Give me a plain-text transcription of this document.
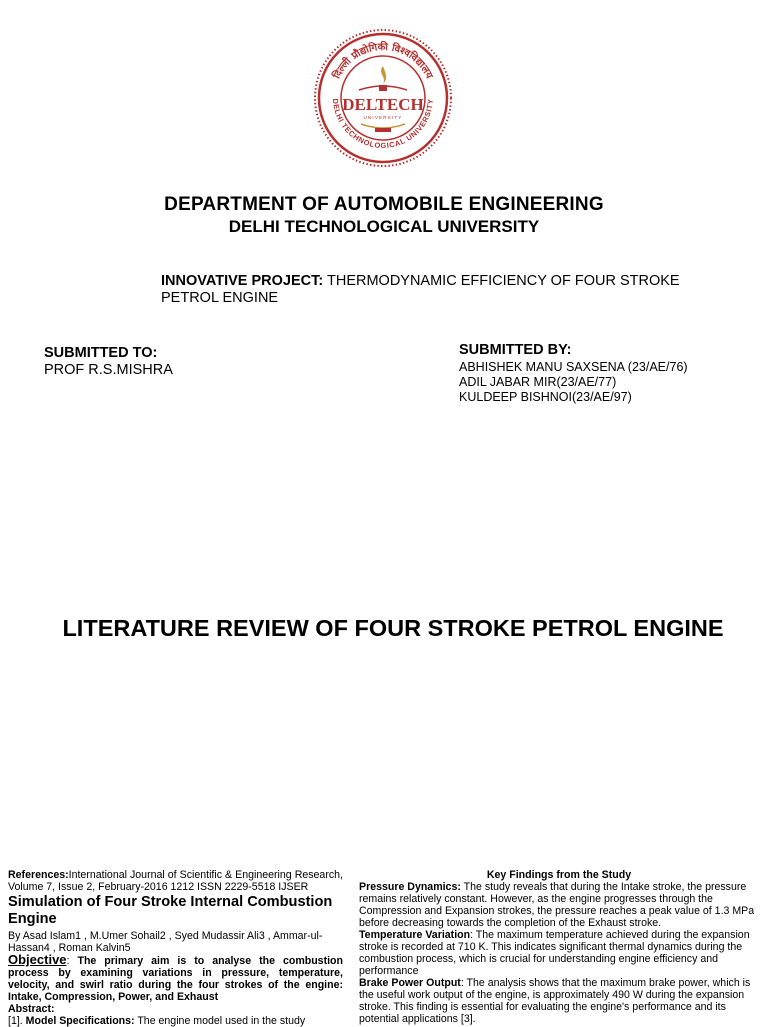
दिल्ली प्रौद्योगिकी विश्वविद्यालय
DELHI TECHNOLOGICAL UNIVERSITY
DELTECH
UNIVERSITY
DEPARTMENT OF AUTOMOBILE ENGINEERING
DELHI TECHNOLOGICAL UNIVERSITY
INNOVATIVE PROJECT: THERMODYNAMIC EFFICIENCY OF FOUR STROKE PETROL ENGINE
SUBMITTED TO:
PROF R.S.MISHRA
SUBMITTED BY:
ABHISHEK MANU SAXSENA (23/AE/76)
ADIL JABAR MIR(23/AE/77)
KULDEEP BISHNOI(23/AE/97)
LITERATURE REVIEW OF FOUR STROKE PETROL ENGINE
References:International Journal of Scientific & Engineering Research, Volume 7, Issue 2, February-2016 1212 ISSN 2229-5518 IJSER
Simulation of Four Stroke Internal Combustion Engine
By Asad Islam1 , M.Umer Sohail2 , Syed Mudassir Ali3 , Ammar-ul-Hassan4 , Roman Kalvin5
Objective: The primary aim is to analyse the combustion process by examining variations in pressure, temperature, velocity, and swirl ratio during the four strokes of the engine: Intake, Compression, Power, and Exhaust
Abstract:
[1]. Model Specifications: The engine model used in the study
Key Findings from the Study
Pressure Dynamics: The study reveals that during the Intake stroke, the pressure remains relatively constant. However, as the engine progresses through the Compression and Expansion strokes, the pressure reaches a peak value of 1.3 MPa before decreasing towards the completion of the Exhaust stroke.
Temperature Variation: The maximum temperature achieved during the expansion stroke is recorded at 710 K. This indicates significant thermal dynamics during the combustion process, which is crucial for understanding engine efficiency and performance
Brake Power Output: The analysis shows that the maximum brake power, which is the useful work output of the engine, is approximately 490 W during the expansion stroke. This finding is essential for evaluating the engine's performance and its potential applications [3].
